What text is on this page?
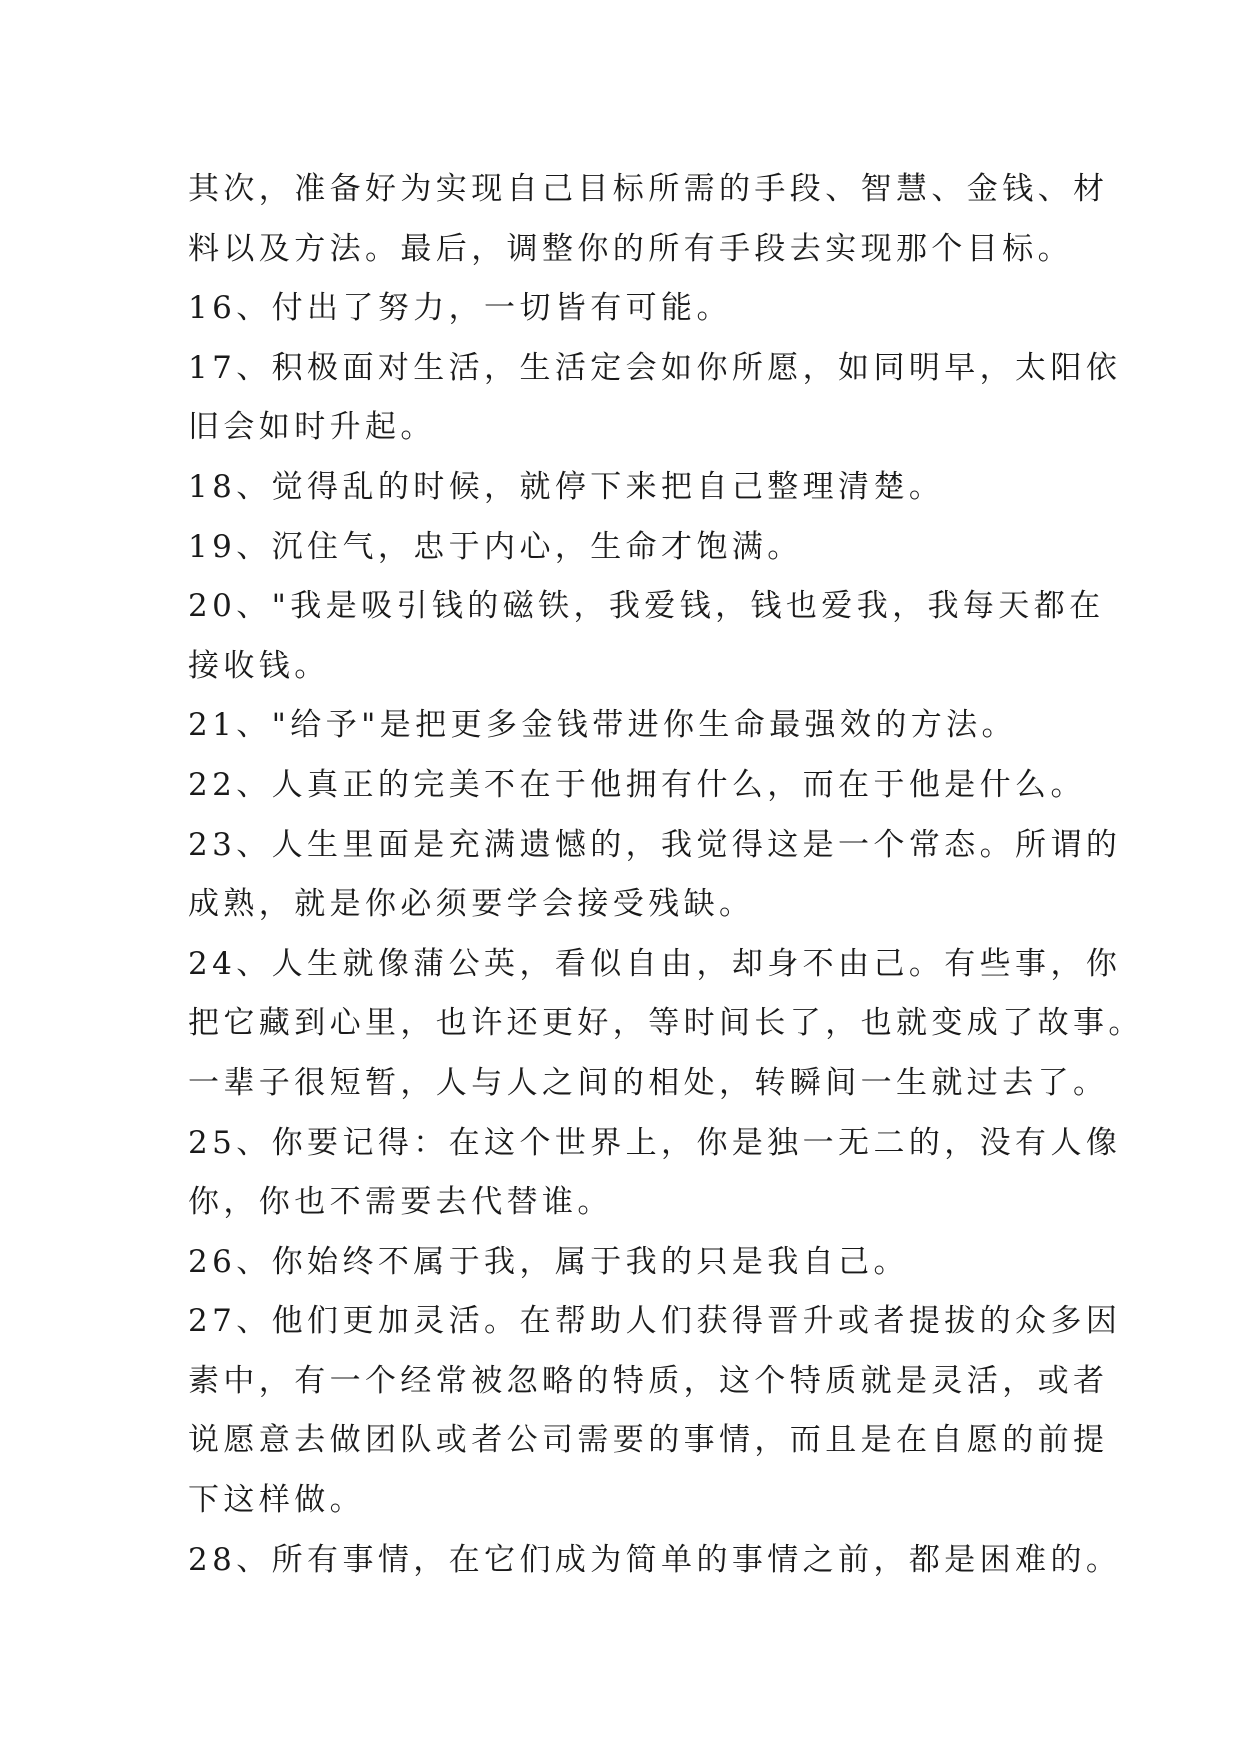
其次，准备好为实现自己目标所需的手段、智慧、金钱、材
料以及方法。最后，调整你的所有手段去实现那个目标。
16、付出了努力，一切皆有可能。
17、积极面对生活，生活定会如你所愿，如同明早，太阳依
旧会如时升起。
18、觉得乱的时候，就停下来把自己整理清楚。
19、沉住气，忠于内心，生命才饱满。
20、"我是吸引钱的磁铁，我爱钱，钱也爱我，我每天都在
接收钱。
21、"给予"是把更多金钱带进你生命最强效的方法。
22、人真正的完美不在于他拥有什么，而在于他是什么。
23、人生里面是充满遗憾的，我觉得这是一个常态。所谓的
成熟，就是你必须要学会接受残缺。
24、人生就像蒲公英，看似自由，却身不由己。有些事，你
把它藏到心里，也许还更好，等时间长了，也就变成了故事。
一辈子很短暂，人与人之间的相处，转瞬间一生就过去了。
25、你要记得：在这个世界上，你是独一无二的，没有人像
你，你也不需要去代替谁。
26、你始终不属于我，属于我的只是我自己。
27、他们更加灵活。在帮助人们获得晋升或者提拔的众多因
素中，有一个经常被忽略的特质，这个特质就是灵活，或者
说愿意去做团队或者公司需要的事情，而且是在自愿的前提
下这样做。
28、所有事情，在它们成为简单的事情之前，都是困难的。
